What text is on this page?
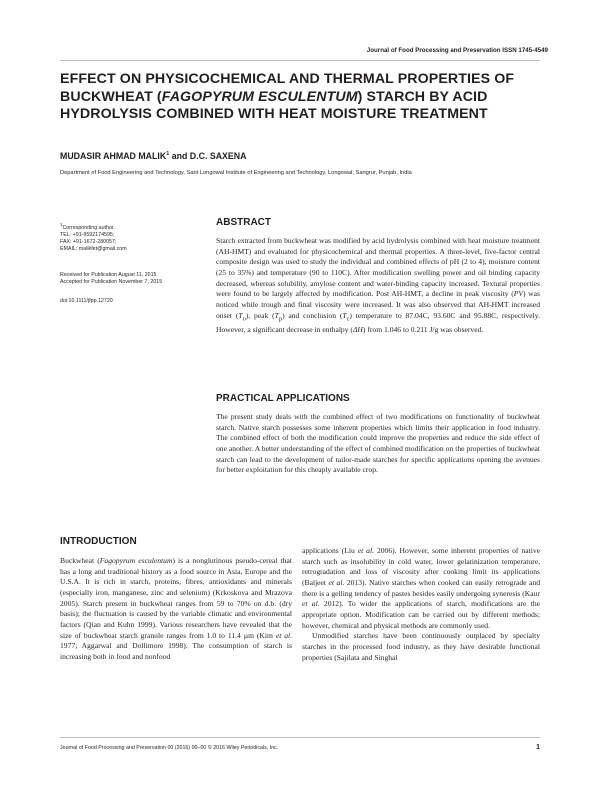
Journal of Food Processing and Preservation ISSN 1745-4549
EFFECT ON PHYSICOCHEMICAL AND THERMAL PROPERTIES OF BUCKWHEAT (FAGOPYRUM ESCULENTUM) STARCH BY ACID HYDROLYSIS COMBINED WITH HEAT MOISTURE TREATMENT
MUDASIR AHMAD MALIK$^1$ and D.C. SAXENA
Department of Food Engineering and Technology, Sant Longowal Institute of Engineering and Technology, Longowal, Sangrur, Punjab, India
$^1$Corresponding author.
TEL: +91-9592174595;
FAX: +91-1672-280057;
EMAIL: malikfet@gmail.com
Received for Publication August 11, 2015
Accepted for Publication November 7, 2015
doi:10.1111/jfpp.12720
ABSTRACT

Starch extracted from buckwheat was modified by acid hydrolysis combined with heat moisture treatment (AH-HMT) and evaluated for physicochemical and thermal properties. A three-level, five-factor central composite design was used to study the individual and combined effects of pH (2 to 4), moisture content (25 to 35%) and temperature (90 to 110C). After modification swelling power and oil binding capacity decreased, whereas solubility, amylose content and water-binding capacity increased. Textural properties were found to be largely affected by modification. Post AH-HMT, a decline in peak viscosity (PV) was noticed while trough and final viscosity were increased. It was also observed that AH-HMT increased onset $(T_o)$, peak $(T_p)$ and conclusion $(T_c)$ temperature to 87.04C, 93.60C and 95.88C, respectively. However, a significant decrease in enthalpy (ΔH) from 1.046 to 0.211 J/g was observed.

PRACTICAL APPLICATIONS

The present study deals with the combined effect of two modifications on functionality of buckwheat starch. Native starch possesses some inherent properties which limits their application in food industry. The combined effect of both the modification could improve the properties and reduce the side effect of one another. A better understanding of the effect of combined modification on the properties of buckwheat starch can lead to the development of tailor-made starches for specific applications opening the avenues for better exploitation for this cheaply available crop.

INTRODUCTION

Buckwheat (Fagopyrum esculentum) is a nonglutinous pseudo-cereal that has a long and traditional history as a food source in Asia, Europe and the U.S.A. It is rich in starch, proteins, fibres, antioxidants and minerals (especially iron, manganese, zinc and selenium) (Krkoskova and Mrazova 2005). Starch present in buckwheat ranges from 59 to 70% on d.b. (dry basis); the fluctuation is caused by the variable climatic and environmental factors (Qian and Kuhn 1999). Various researchers have revealed that the size of buckwheat starch granule ranges from 1.0 to 11.4 µm (Kim et al. 1977; Aggarwal and Dollimore 1998). The consumption of starch is increasing both in food and nonfood

applications (Liu et al. 2006). However, some inherent properties of native starch such as insolubility in cold water, lower gelatinization temperature, retrogradation and loss of viscosity after cooking limit its applications (Baljeet et al. 2013). Native starches when cooked can easily retrograde and there is a gelling tendency of pastes besides easily undergoing syneresis (Kaur et al. 2012). To wider the applications of starch, modifications are the appropriate option. Modification can be carried out by different methods; however, chemical and physical methods are commonly used.

Unmodified starches have been continuously outplaced by specialty starches in the processed food industry, as they have desirable functional properties (Sajilata and Singhal

Journal of Food Processing and Preservation 00 (2016) 00–00 © 2016 Wiley Periodicals, Inc.	1
